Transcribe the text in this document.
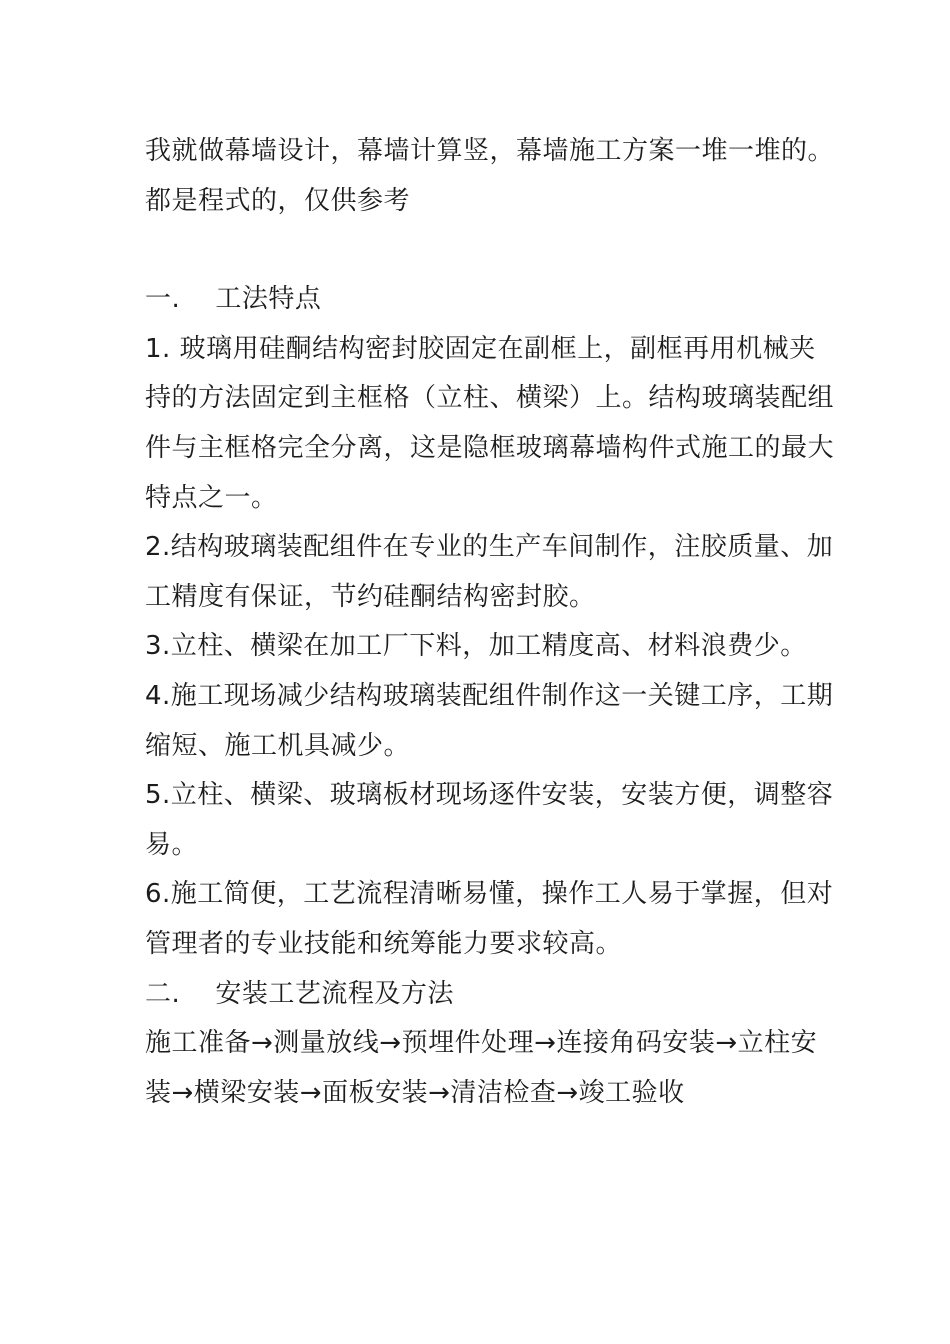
我就做幕墙设计，幕墙计算竖，幕墙施工方案一堆一堆的。都是程式的，仅供参考

一.    工法特点

1. 玻璃用硅酮结构密封胶固定在副框上，副框再用机械夹持的方法固定到主框格（立柱、横梁）上。结构玻璃装配组件与主框格完全分离，这是隐框玻璃幕墙构件式施工的最大特点之一。

2.结构玻璃装配组件在专业的生产车间制作，注胶质量、加工精度有保证，节约硅酮结构密封胶。

3.立柱、横梁在加工厂下料，加工精度高、材料浪费少。

4.施工现场减少结构玻璃装配组件制作这一关键工序，工期缩短、施工机具减少。

5.立柱、横梁、玻璃板材现场逐件安装，安装方便，调整容易。

6.施工简便，工艺流程清晰易懂，操作工人易于掌握，但对管理者的专业技能和统筹能力要求较高。

二.    安装工艺流程及方法

施工准备→测量放线→预埋件处理→连接角码安装→立柱安装→横梁安装→面板安装→清洁检查→竣工验收
